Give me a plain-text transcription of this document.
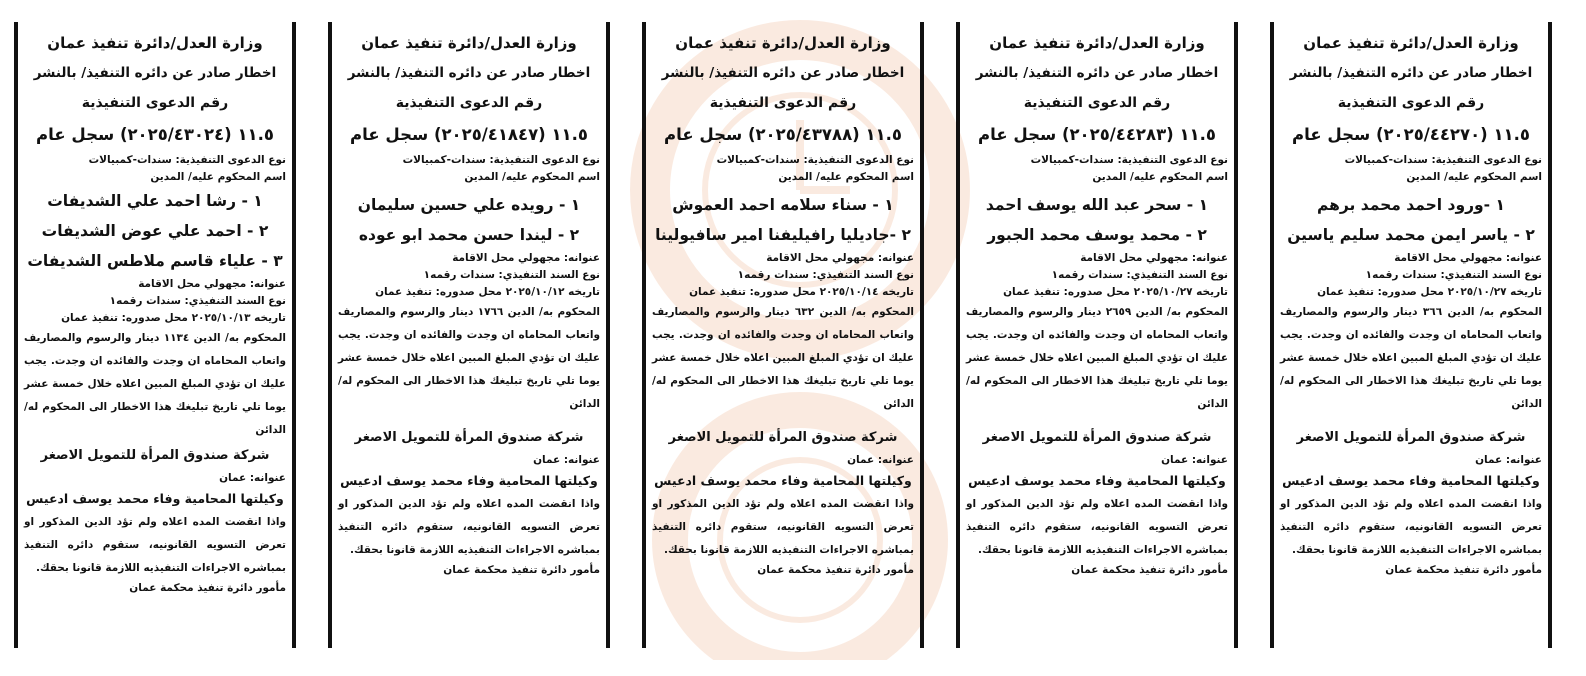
وزارة العدل/دائرة تنفيذ عمان

اخطار صادر عن دائره التنفيذ/ بالنشر

رقم الدعوى التنفيذية

١١.٥ (٢٠٢٥/٤٤٢٧٠) سجل عام

نوع الدعوى التنفيذية: سندات-كمبيالات

اسم المحكوم عليه/ المدين

١ -ورود احمد محمد برهم

٢ - ياسر ايمن محمد سليم ياسين

عنوانه: مجهولي محل الاقامة

نوع السند التنفيذي: سندات رقمه١

تاريخه ٢٠٢٥/١٠/٢٧ محل صدوره: تنفيذ عمان

المحكوم به/ الدين ٣٦٦ دينار والرسوم والمصاريف واتعاب المحاماه ان وجدت والفائده ان وجدت. يجب عليك ان تؤدي المبلغ المبين اعلاه خلال خمسة عشر يوما تلي تاريخ تبليغك هذا الاخطار الى المحكوم له/ الدائن

شركة صندوق المرأة للتمويل الاصغر

عنوانه: عمان

وكيلتها المحامية وفاء محمد يوسف ادعيس

واذا انقضت المده اعلاه ولم تؤد الدين المذكور او تعرض التسويه القانونيه، ستقوم دائره التنفيذ بمباشره الاجراءات التنفيذيه اللازمة قانونا بحقك.

مأمور دائرة تنفيذ محكمة عمان

وزارة العدل/دائرة تنفيذ عمان

اخطار صادر عن دائره التنفيذ/ بالنشر

رقم الدعوى التنفيذية

١١.٥ (٢٠٢٥/٤٤٢٨٣) سجل عام

نوع الدعوى التنفيذية: سندات-كمبيالات

اسم المحكوم عليه/ المدين

١ - سحر عبد الله يوسف احمد

٢ - محمد يوسف محمد الجبور

عنوانه: مجهولي محل الاقامة

نوع السند التنفيذي: سندات رقمه١

تاريخه ٢٠٢٥/١٠/٢٧ محل صدوره: تنفيذ عمان

المحكوم به/ الدين ٢٦٥٩ دينار والرسوم والمصاريف واتعاب المحاماه ان وجدت والفائده ان وجدت. يجب عليك ان تؤدي المبلغ المبين اعلاه خلال خمسة عشر يوما تلي تاريخ تبليغك هذا الاخطار الى المحكوم له/ الدائن

شركة صندوق المرأة للتمويل الاصغر

عنوانه: عمان

وكيلتها المحامية وفاء محمد يوسف ادعيس

واذا انقضت المده اعلاه ولم تؤد الدين المذكور او تعرض التسويه القانونيه، ستقوم دائره التنفيذ بمباشره الاجراءات التنفيذيه اللازمة قانونا بحقك.

مأمور دائرة تنفيذ محكمة عمان

وزارة العدل/دائرة تنفيذ عمان

اخطار صادر عن دائره التنفيذ/ بالنشر

رقم الدعوى التنفيذية

١١.٥ (٢٠٢٥/٤٣٧٨٨) سجل عام

نوع الدعوى التنفيذية: سندات-كمبيالات

اسم المحكوم عليه/ المدين

١ - سناء سلامه احمد العموش

٢ -جاديليا رافيليفنا امير سافيولينا

عنوانه: مجهولي محل الاقامة

نوع السند التنفيذي: سندات رقمه١

تاريخه ٢٠٢٥/١٠/١٤ محل صدوره: تنفيذ عمان

المحكوم به/ الدين ٦٣٢ دينار والرسوم والمصاريف واتعاب المحاماه ان وجدت والفائده ان وجدت. يجب عليك ان تؤدي المبلغ المبين اعلاه خلال خمسة عشر يوما تلي تاريخ تبليغك هذا الاخطار الى المحكوم له/ الدائن

شركة صندوق المرأة للتمويل الاصغر

عنوانه: عمان

وكيلتها المحامية وفاء محمد يوسف ادعيس

واذا انقضت المده اعلاه ولم تؤد الدين المذكور او تعرض التسويه القانونيه، ستقوم دائره التنفيذ بمباشره الاجراءات التنفيذيه اللازمة قانونا بحقك.

مأمور دائرة تنفيذ محكمة عمان

وزارة العدل/دائرة تنفيذ عمان

اخطار صادر عن دائره التنفيذ/ بالنشر

رقم الدعوى التنفيذية

١١.٥ (٢٠٢٥/٤١٨٤٧) سجل عام

نوع الدعوى التنفيذية: سندات-كمبيالات

اسم المحكوم عليه/ المدين

١ - رويده علي حسين سليمان

٢ - ليندا حسن محمد ابو عوده

عنوانه: مجهولي محل الاقامة

نوع السند التنفيذي: سندات رقمه١

تاريخه ٢٠٢٥/١٠/١٢ محل صدوره: تنفيذ عمان

المحكوم به/ الدين ١٧٦٦ دينار والرسوم والمصاريف واتعاب المحاماه ان وجدت والفائده ان وجدت. يجب عليك ان تؤدي المبلغ المبين اعلاه خلال خمسة عشر يوما تلي تاريخ تبليغك هذا الاخطار الى المحكوم له/ الدائن

شركة صندوق المرأة للتمويل الاصغر

عنوانه: عمان

وكيلتها المحامية وفاء محمد يوسف ادعيس

واذا انقضت المده اعلاه ولم تؤد الدين المذكور او تعرض التسويه القانونيه، ستقوم دائره التنفيذ بمباشره الاجراءات التنفيذيه اللازمة قانونا بحقك.

مأمور دائرة تنفيذ محكمة عمان

وزارة العدل/دائرة تنفيذ عمان

اخطار صادر عن دائره التنفيذ/ بالنشر

رقم الدعوى التنفيذية

١١.٥ (٢٠٢٥/٤٣٠٢٤) سجل عام

نوع الدعوى التنفيذية: سندات-كمبيالات

اسم المحكوم عليه/ المدين

١ - رشا احمد علي الشديفات

٢ - احمد علي عوض الشديفات

٣ - علياء قاسم ملاطس الشديفات

عنوانه: مجهولي محل الاقامة

نوع السند التنفيذي: سندات رقمه١

تاريخه ٢٠٢٥/١٠/١٣ محل صدوره: تنفيذ عمان

المحكوم به/ الدين ١١٣٤ دينار والرسوم والمصاريف واتعاب المحاماه ان وجدت والفائده ان وجدت. يجب عليك ان تؤدي المبلغ المبين اعلاه خلال خمسة عشر يوما تلي تاريخ تبليغك هذا الاخطار الى المحكوم له/ الدائن

شركة صندوق المرأة للتمويل الاصغر

عنوانه: عمان

وكيلتها المحامية وفاء محمد يوسف ادعيس

واذا انقضت المده اعلاه ولم تؤد الدين المذكور او تعرض التسويه القانونيه، ستقوم دائره التنفيذ بمباشره الاجراءات التنفيذيه اللازمة قانونا بحقك.

مأمور دائرة تنفيذ محكمة عمان
